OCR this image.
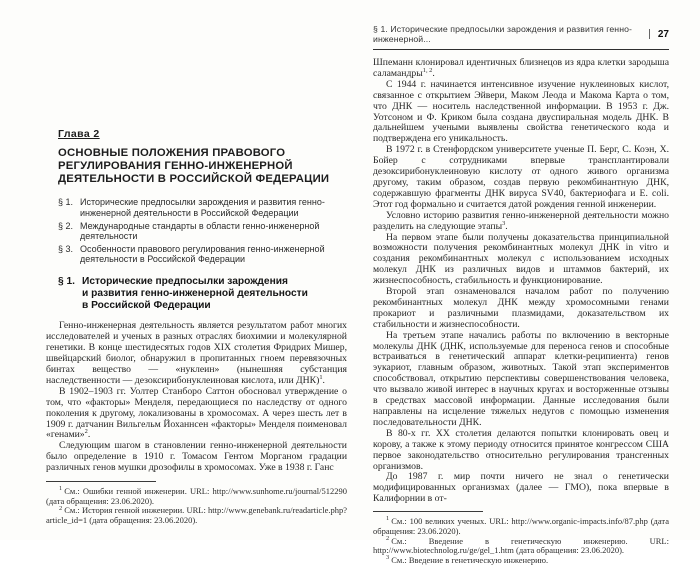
Глава 2
ОСНОВНЫЕ ПОЛОЖЕНИЯ ПРАВОВОГО
РЕГУЛИРОВАНИЯ ГЕННО-ИНЖЕНЕРНОЙ
ДЕЯТЕЛЬНОСТИ В РОССИЙСКОЙ ФЕДЕРАЦИИ
§ 1. Исторические предпосылки зарождения и развития генно-инженерной деятельности в Российской Федерации
§ 2. Международные стандарты в области генно-инженерной деятельности
§ 3. Особенности правового регулирования генно-инженерной деятельности в Российской Федерации
§ 1. Исторические предпосылки зарождения
и развития генно-инженерной деятельности
в Российской Федерации

Генно-инженерная деятельность является результатом работ многих исследователей и ученых в разных отраслях биохимии и молекулярной генетики. В конце шестидесятых годов XIX столетия Фридрих Мишер, швейцарский биолог, обнаружил в пропитанных гноем перевязочных бинтах вещество — «нуклеин» (нынешняя субстанция наследственности — дезоксирибонуклеиновая кислота, или ДНК)$^1$.

В 1902–1903 гг. Уолтер Станборо Саттон обосновал утверждение о том, что «факторы» Менделя, передающиеся по наследству от одного поколения к другому, локализованы в хромосомах. А через шесть лет в 1909 г. датчанин Вильгельм Йоханнсен «факторы» Менделя поименовал «генами»$^2$.

Следующим шагом в становлении генно-инженерной деятельности было определение в 1910 г. Томасом Гентом Морганом градации различных генов мушки дрозофилы в хромосомах. Уже в 1938 г. Ганс

$^1$ См.: Ошибки генной инженерии. URL: http://www.sunhome.ru/journal/512290 (дата обращения: 23.06.2020).

$^2$ См.: История генной инженерии. URL: http://www.genebank.ru/readarticle.php?article_id=1 (дата обращения: 23.06.2020).

§ 1. Исторические предпосылки зарождения и развития генно-инженерной...	27

Шпеманн клонировал идентичных близнецов из ядра клетки зародыша саламандры$^{1, 2}$.

С 1944 г. начинается интенсивное изучение нуклеиновых кислот, связанное с открытием Эйвери, Маком Леода и Макома Карта о том, что ДНК — носитель наследственной информации. В 1953 г. Дж. Уотсоном и Ф. Криком была создана двуспиральная модель ДНК. В дальнейшем учеными выявлены свойства генетического кода и подтверждена его уникальность.

В 1972 г. в Стенфордском университете ученые П. Берг, С. Коэн, Х. Бойер с сотрудниками впервые трансплантировали дезоксирибонуклеиновую кислоту от одного живого организма другому, таким образом, создав первую рекомбинантную ДНК, содержавшую фрагменты ДНК вируса SV40, бактериофага и E. coli. Этот год формально и считается датой рождения генной инженерии.

Условно историю развития генно-инженерной деятельности можно разделить на следующие этапы$^3$.

На первом этапе были получены доказательства принципиальной возможности получения рекомбинантных молекул ДНК in vitro и создания рекомбинантных молекул с использованием исходных молекул ДНК из различных видов и штаммов бактерий, их жизнеспособность, стабильность и функционирование.

Второй этап ознаменовался началом работ по получению рекомбинантных молекул ДНК между хромосомными генами прокариот и различными плазмидами, доказательством их стабильности и жизнеспособности.

На третьем этапе начались работы по включению в векторные молекулы ДНК (ДНК, используемые для переноса генов и способные встраиваться в генетический аппарат клетки-реципиента) генов эукариот, главным образом, животных. Такой этап экспериментов способствовал, открытию перспективы совершенствования человека, что вызвало живой интерес в научных кругах и восторженные отзывы в средствах массовой информации. Данные исследования были направлены на исцеление тяжелых недугов с помощью изменения последовательности ДНК.

В 80-х гг. XX столетия делаются попытки клонировать овец и корову, а также к этому периоду относится принятое конгрессом США первое законодательство относительно регулирования трансгенных организмов.

До 1987 г. мир почти ничего не знал о генетически модифицированных организмах (далее — ГМО), пока впервые в Калифорнии в от-

$^1$ См.: 100 великих ученых. URL: http://www.organic-impacts.info/87.php (дата обращения: 23.06.2020).

$^2$ См.: Введение в генетическую инженерию. URL: http://www.biotechnolog.ru/ge/gel_1.htm (дата обращения: 23.06.2020).

$^3$ См.: Введение в генетическую инженерию.
